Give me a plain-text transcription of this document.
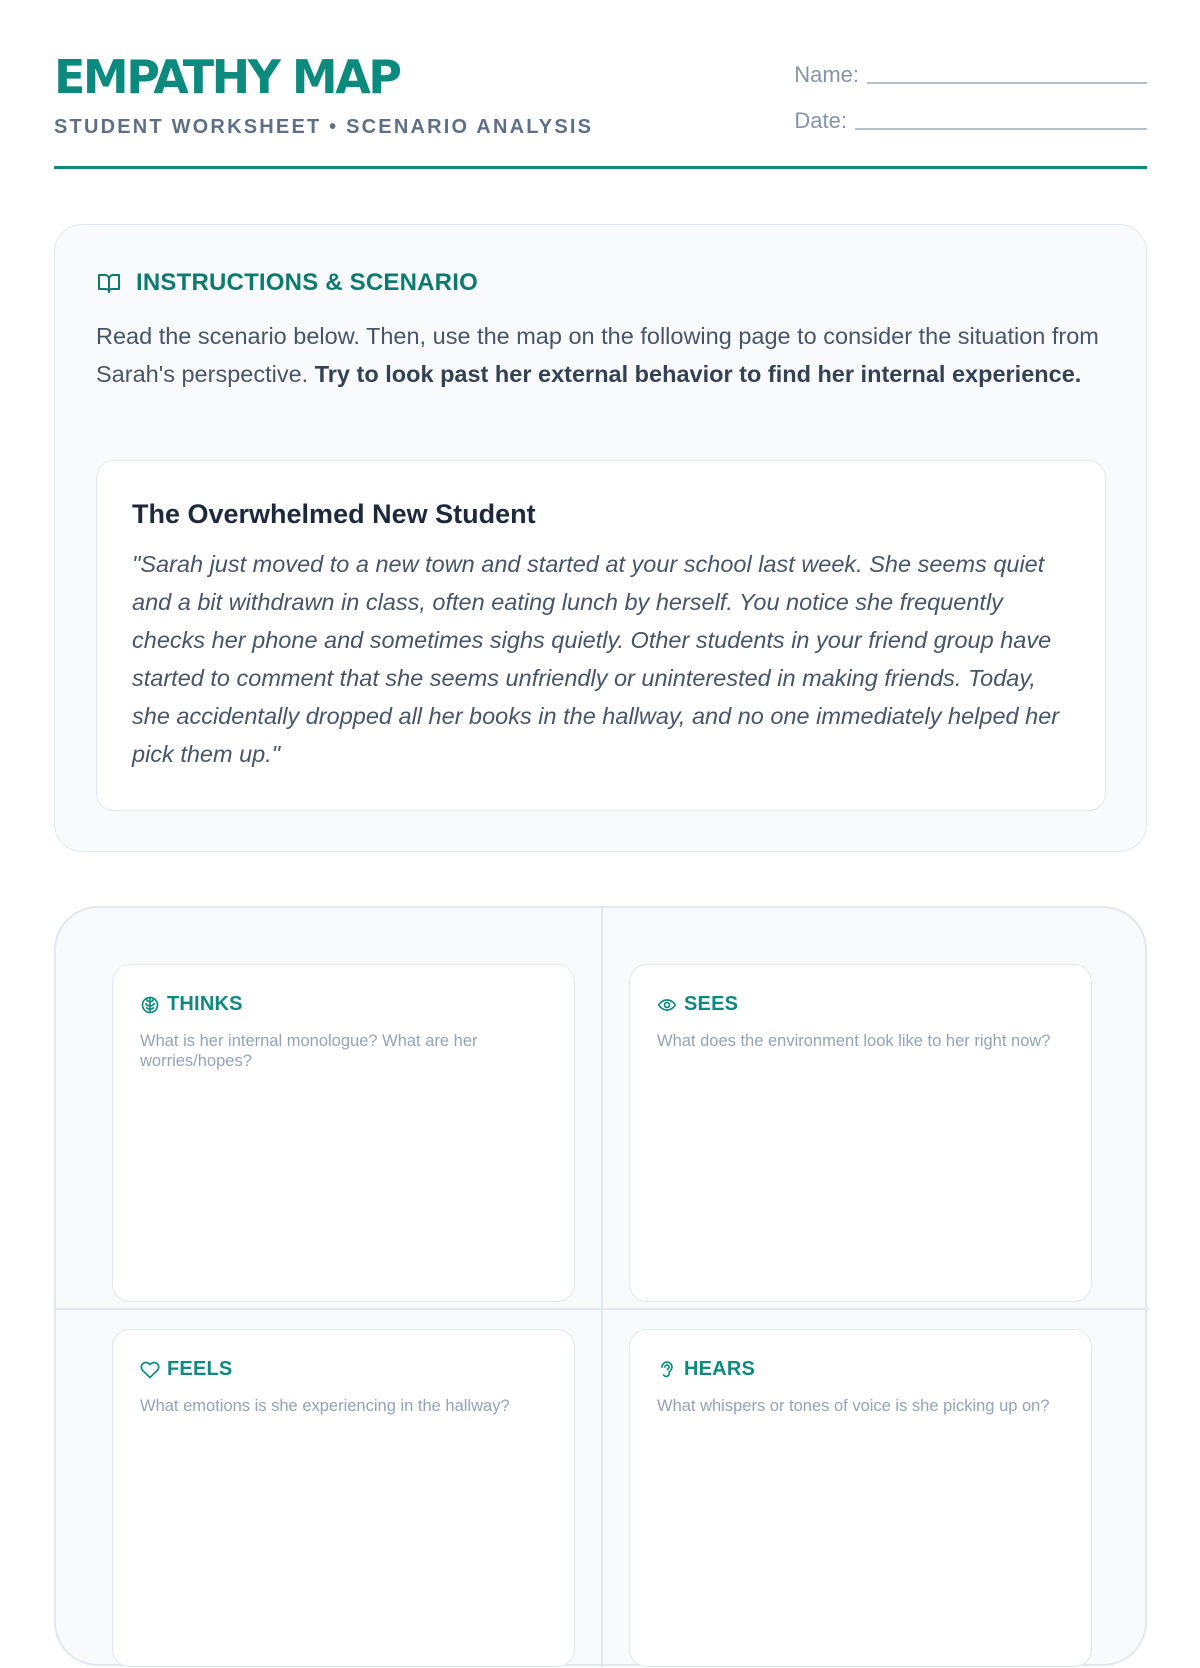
EMPATHY MAP
STUDENT WORKSHEET • SCENARIO ANALYSIS
Name:
Date:
INSTRUCTIONS & SCENARIO
Read the scenario below. Then, use the map on the following page to consider the situation from Sarah's perspective. Try to look past her external behavior to find her internal experience.
The Overwhelmed New Student
"Sarah just moved to a new town and started at your school last week. She seems quiet and a bit withdrawn in class, often eating lunch by herself. You notice she frequently checks her phone and sometimes sighs quietly. Other students in your friend group have started to comment that she seems unfriendly or uninterested in making friends. Today, she accidentally dropped all her books in the hallway, and no one immediately helped her pick them up."
THINKS
What is her internal monologue? What are her worries/hopes?
SEES
What does the environment look like to her right now?
FEELS
What emotions is she experiencing in the hallway?
HEARS
What whispers or tones of voice is she picking up on?
